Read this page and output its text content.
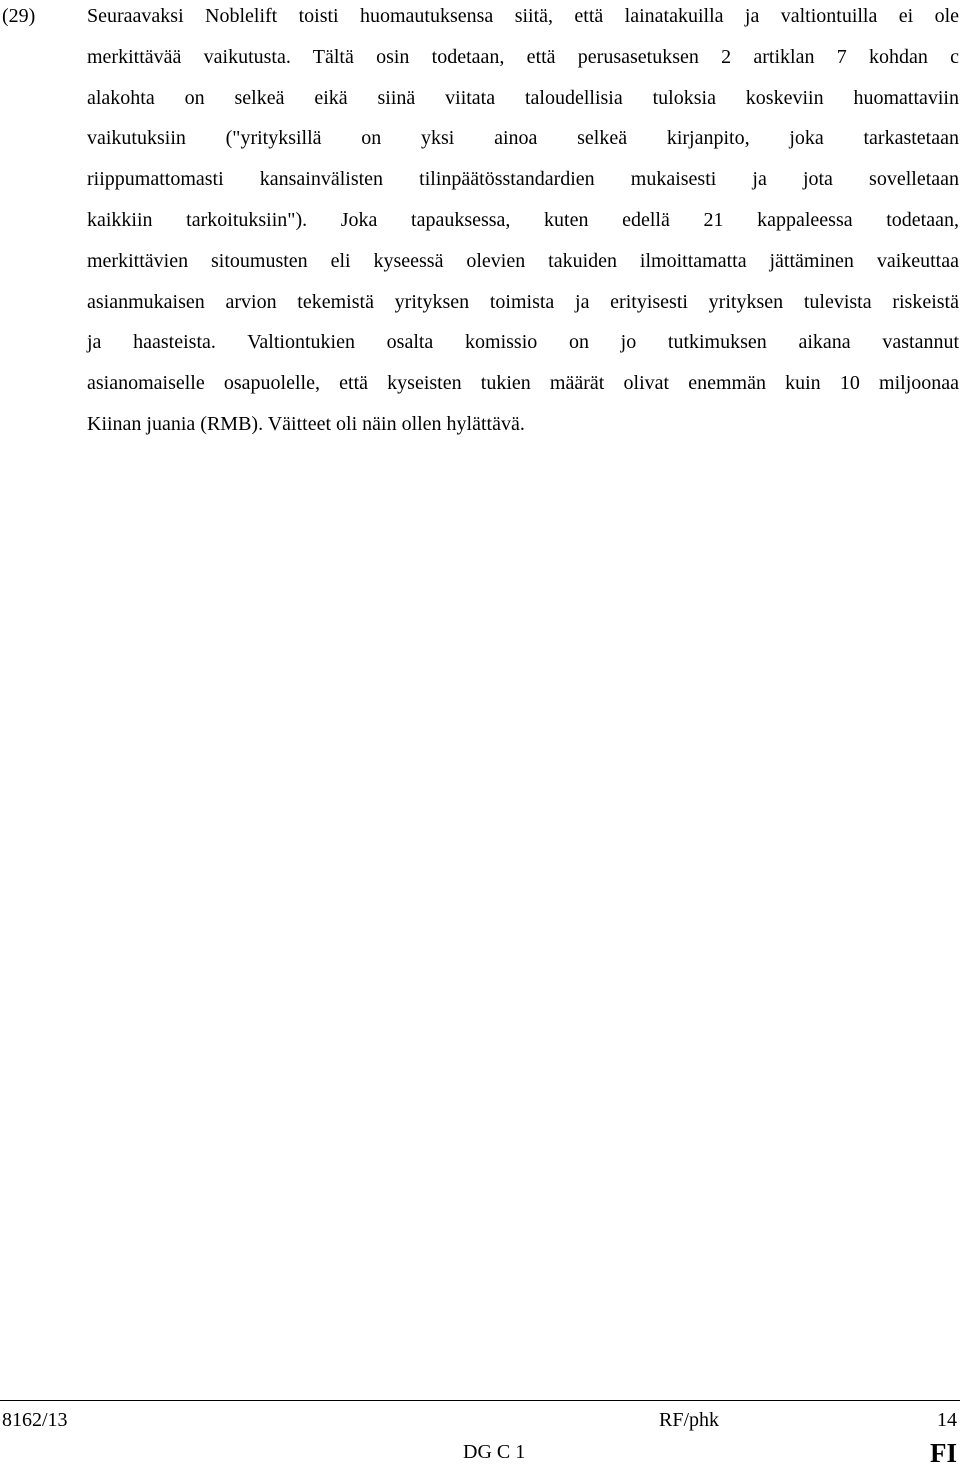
(29)	Seuraavaksi Noblelift toisti huomautuksensa siitä, että lainatakuilla ja valtiontuilla ei ole
merkittävää vaikutusta. Tältä osin todetaan, että perusasetuksen 2 artiklan 7 kohdan c
alakohta on selkeä eikä siinä viitata taloudellisia tuloksia koskeviin huomattaviin
vaikutuksiin ("yrityksillä on yksi ainoa selkeä kirjanpito, joka tarkastetaan
riippumattomasti kansainvälisten tilinpäätösstandardien mukaisesti ja jota sovelletaan
kaikkiin tarkoituksiin"). Joka tapauksessa, kuten edellä 21 kappaleessa todetaan,
merkittävien sitoumusten eli kyseessä olevien takuiden ilmoittamatta jättäminen vaikeuttaa
asianmukaisen arvion tekemistä yrityksen toimista ja erityisesti yrityksen tulevista riskeistä
ja haasteista. Valtiontukien osalta komissio on jo tutkimuksen aikana vastannut
asianomaiselle osapuolelle, että kyseisten tukien määrät olivat enemmän kuin 10 miljoonaa
Kiinan juania (RMB). Väitteet oli näin ollen hylättävä.
8162/13	RF/phk	14
DG C 1	FI
